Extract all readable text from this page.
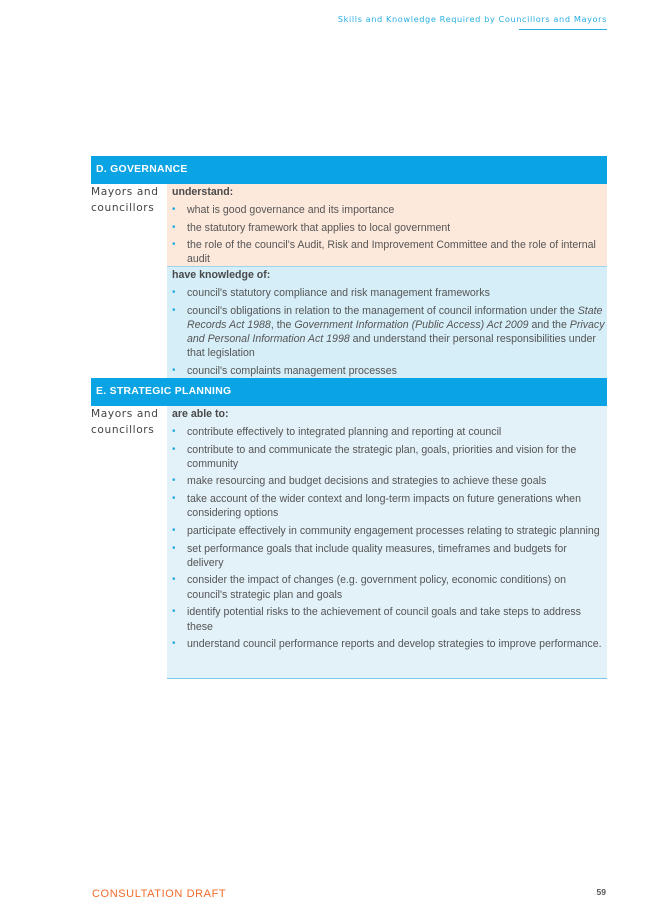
Skills and Knowledge Required by Councillors and Mayors
D. GOVERNANCE
Mayors and
councillors
understand:
• what is good governance and its importance
• the statutory framework that applies to local government
• the role of the council's Audit, Risk and Improvement Committee and the role of internal audit
have knowledge of:
• council's statutory compliance and risk management frameworks
• council's obligations in relation to the management of council information under the State Records Act 1988, the Government Information (Public Access) Act 2009 and the Privacy and Personal Information Act 1998 and understand their personal responsibilities under that legislation
• council's complaints management processes
E. STRATEGIC PLANNING
Mayors and
councillors
are able to:
• contribute effectively to integrated planning and reporting at council
• contribute to and communicate the strategic plan, goals, priorities and vision for the community
• make resourcing and budget decisions and strategies to achieve these goals
• take account of the wider context and long-term impacts on future generations when considering options
• participate effectively in community engagement processes relating to strategic planning
• set performance goals that include quality measures, timeframes and budgets for delivery
• consider the impact of changes (e.g. government policy, economic conditions) on council's strategic plan and goals
• identify potential risks to the achievement of council goals and take steps to address these
• understand council performance reports and develop strategies to improve performance.
CONSULTATION DRAFT	59
